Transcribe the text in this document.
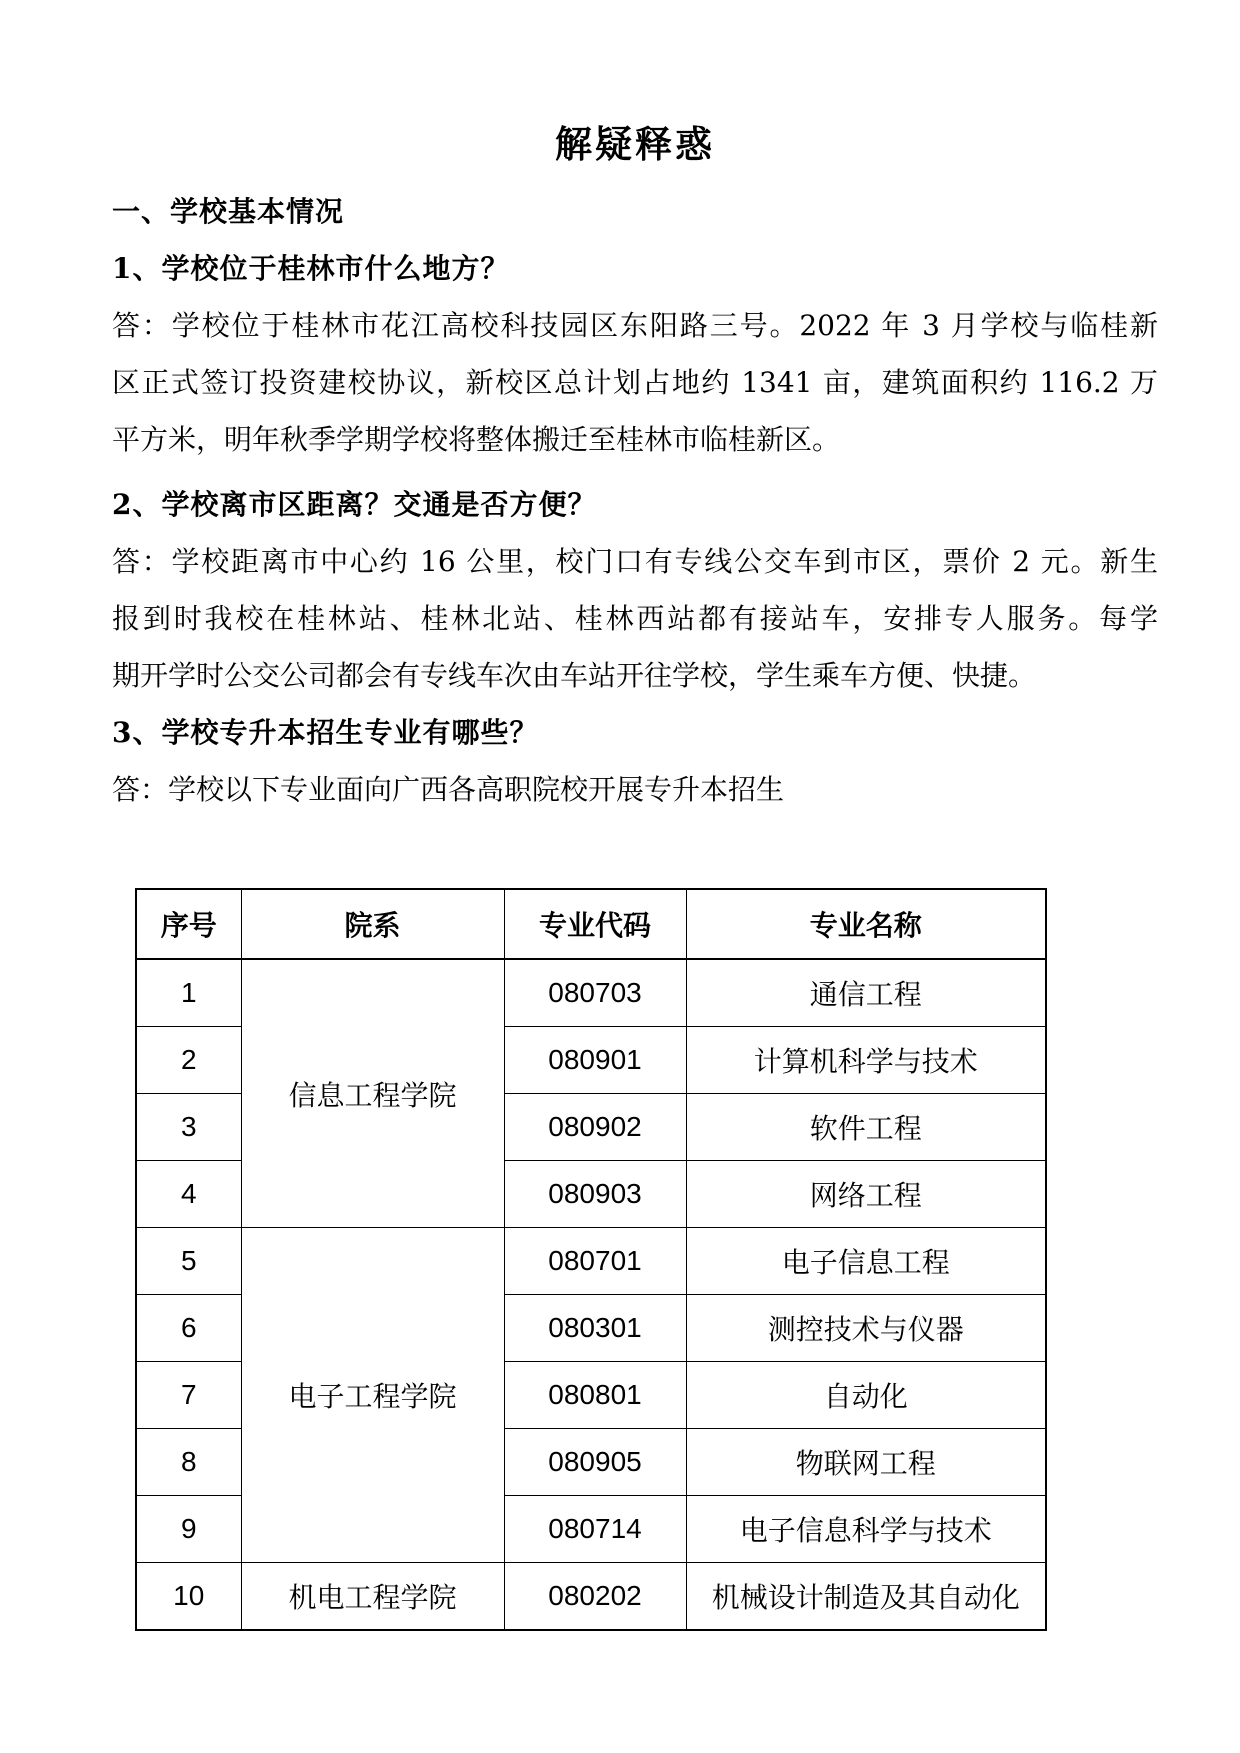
解疑释惑
一、学校基本情况
1、学校位于桂林市什么地方？
答：学校位于桂林市花江高校科技园区东阳路三号。2022 年 3 月学校与临桂新
区正式签订投资建校协议，新校区总计划占地约 1341 亩，建筑面积约 116.2 万
平方米，明年秋季学期学校将整体搬迁至桂林市临桂新区。
2、学校离市区距离？交通是否方便？
答：学校距离市中心约 16 公里，校门口有专线公交车到市区，票价 2 元。新生
报到时我校在桂林站、桂林北站、桂林西站都有接站车，安排专人服务。每学
期开学时公交公司都会有专线车次由车站开往学校，学生乘车方便、快捷。
3、学校专升本招生专业有哪些？
答：学校以下专业面向广西各高职院校开展专升本招生
序号	院系	专业代码	专业名称
1	信息工程学院	080703	通信工程
2		080901	计算机科学与技术
3		080902	软件工程
4		080903	网络工程
5	电子工程学院	080701	电子信息工程
6		080301	测控技术与仪器
7		080801	自动化
8		080905	物联网工程
9		080714	电子信息科学与技术
10	机电工程学院	080202	机械设计制造及其自动化
